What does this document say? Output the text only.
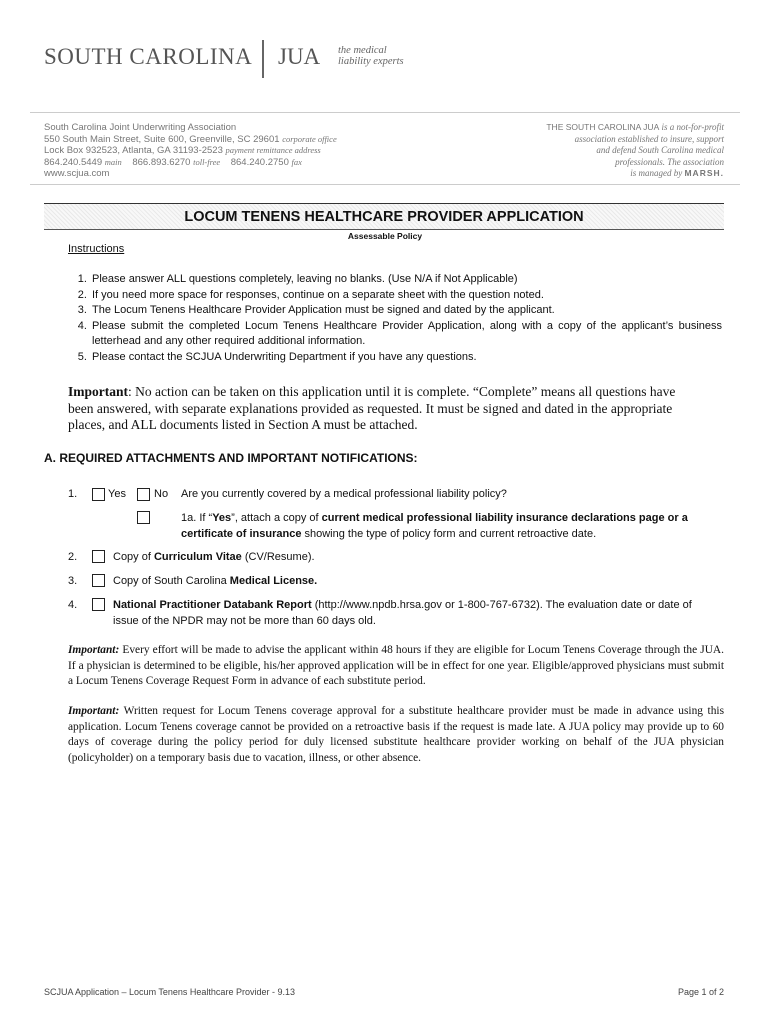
SOUTH CAROLINA JUA the medical
liability experts
South Carolina Joint Underwriting Association
550 South Main Street, Suite 600, Greenville, SC 29601 corporate office
Lock Box 932523, Atlanta, GA 31193-2523 payment remittance address
864.240.5449 main 866.893.6270 toll-free 864.240.2750 fax
www.scjua.com
THE SOUTH CAROLINA JUA is a not-for-profit
association established to insure, support
and defend South Carolina medical
professionals. The association
is managed by MARSH.
LOCUM TENENS HEALTHCARE PROVIDER APPLICATION
Assessable Policy
Instructions
1. Please answer ALL questions completely, leaving no blanks. (Use N/A if Not Applicable)
2. If you need more space for responses, continue on a separate sheet with the question noted.
3. The Locum Tenens Healthcare Provider Application must be signed and dated by the applicant.
4. Please submit the completed Locum Tenens Healthcare Provider Application, along with a copy of the applicant’s business letterhead and any other required additional information.
5. Please contact the SCJUA Underwriting Department if you have any questions.
Important: No action can be taken on this application until it is complete. “Complete” means all questions have been answered, with separate explanations provided as requested. It must be signed and dated in the appropriate places, and ALL documents listed in Section A must be attached.
A. REQUIRED ATTACHMENTS AND IMPORTANT NOTIFICATIONS:
1.	Yes	No Are you currently covered by a medical professional liability policy?
1a. If “Yes”, attach a copy of current medical professional liability insurance declarations page or a certificate of insurance showing the type of policy form and current retroactive date.
2.	Copy of Curriculum Vitae (CV/Resume).
3.	Copy of South Carolina Medical License.
4.	National Practitioner Databank Report (http://www.npdb.hrsa.gov or 1-800-767-6732). The evaluation date or date of issue of the NPDR may not be more than 60 days old.
Important: Every effort will be made to advise the applicant within 48 hours if they are eligible for Locum Tenens Coverage through the JUA. If a physician is determined to be eligible, his/her approved application will be in effect for one year. Eligible/approved physicians must submit a Locum Tenens Coverage Request Form in advance of each substitute period.
Important: Written request for Locum Tenens coverage approval for a substitute healthcare provider must be made in advance using this application. Locum Tenens coverage cannot be provided on a retroactive basis if the request is made late. A JUA policy may provide up to 60 days of coverage during the policy period for duly licensed substitute healthcare provider working on behalf of the JUA physician (policyholder) on a temporary basis due to vacation, illness, or other absence.
SCJUA Application – Locum Tenens Healthcare Provider - 9.13	Page 1 of 2
